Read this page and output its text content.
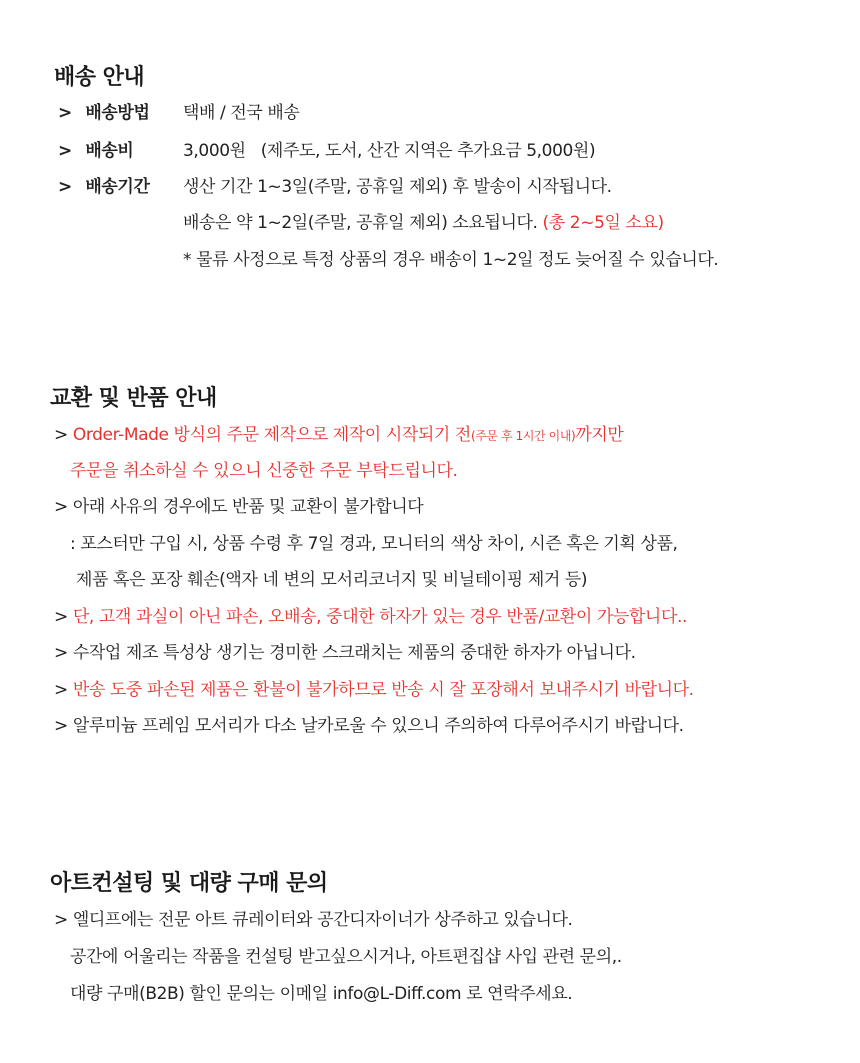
배송 안내
> 배송방법 택배 / 전국 배송
> 배송비	3,000원   (제주도, 도서, 산간 지역은 추가요금 5,000원)
> 배송기간 생산 기간 1~3일(주말, 공휴일 제외) 후 발송이 시작됩니다.
배송은 약 1~2일(주말, 공휴일 제외) 소요됩니다. (총 2~5일 소요)
* 물류 사정으로 특정 상품의 경우 배송이 1~2일 정도 늦어질 수 있습니다.
교환 및 반품 안내
> Order-Made 방식의 주문 제작으로 제작이 시작되기 전(주문 후 1시간 이내)까지만
주문을 취소하실 수 있으니 신중한 주문 부탁드립니다.
> 아래 사유의 경우에도 반품 및 교환이 불가합니다
: 포스터만 구입 시, 상품 수령 후 7일 경과, 모니터의 색상 차이, 시즌 혹은 기획 상품,
제품 혹은 포장 훼손(액자 네 변의 모서리코너지 및 비닐테이핑 제거 등)
> 단, 고객 과실이 아닌 파손, 오배송, 중대한 하자가 있는 경우 반품/교환이 가능합니다..
> 수작업 제조 특성상 생기는 경미한 스크래치는 제품의 중대한 하자가 아닙니다.
> 반송 도중 파손된 제품은 환불이 불가하므로 반송 시 잘 포장해서 보내주시기 바랍니다.
> 알루미늄 프레임 모서리가 다소 날카로울 수 있으니 주의하여 다루어주시기 바랍니다.
아트컨설팅 및 대량 구매 문의
> 엘디프에는 전문 아트 큐레이터와 공간디자이너가 상주하고 있습니다.
공간에 어울리는 작품을 컨설팅 받고싶으시거나, 아트편집샵 사입 관련 문의,.
대량 구매(B2B) 할인 문의는 이메일 info@L-Diff.com 로 연락주세요.
